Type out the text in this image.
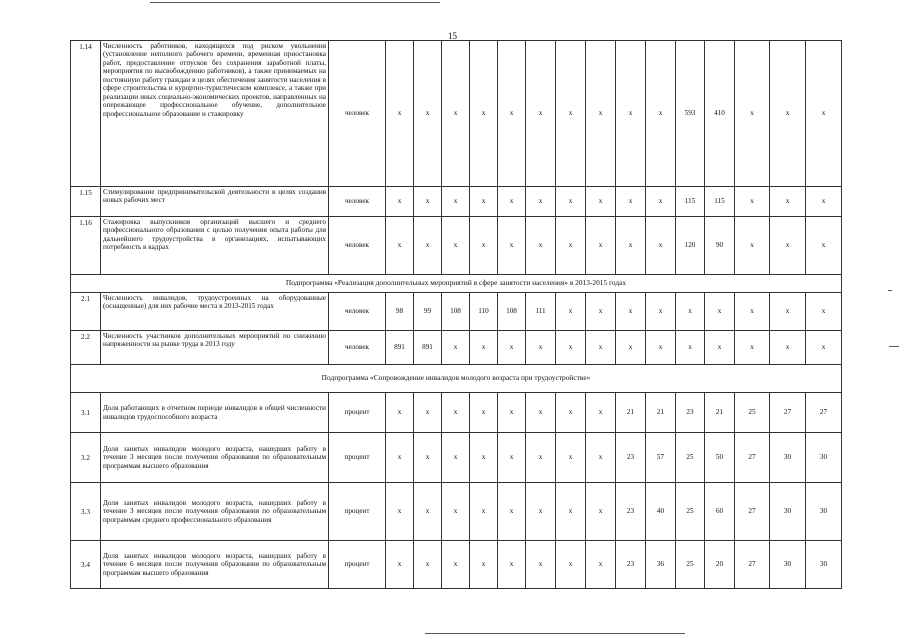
15
1.14	Численность работников, находящихся под риском увольнения (установление неполного рабочего времени, временная приостановка работ, предоставление отпусков без сохранения заработной платы, мероприятия по высвобождению работников), а также принимаемых на постоянную работу граждан в целях обеспечения занятости населения в сфере строительства и курортно-туристическом комплексе, а также при реализации иных социально-экономических проектов, направленных на опережающее профессиональное обучение, дополнительное профессиональное образование и стажировку	человек	x	x	x	x	x	x	x	x	x	x	593	410	x	x	x
1.15	Стимулирование предпринимательской деятельности в целях создания новых рабочих мест	человек	x	x	x	x	x	x	x	x	x	x	115	115	x	x	x
1.16	Стажировка выпускников организаций высшего и среднего профессионального образования с целью получения опыта работы для дальнейшего трудоустройства в организациях, испытывающих потребность в кадрах	человек	x	x	x	x	x	x	x	x	x	x	120	90	x	x	x
Подпрограмма «Реализация дополнительных мероприятий в сфере занятости населения» в 2013-2015 годах																	
2.1	Численность инвалидов, трудоустроенных на оборудованные (оснащенные) для них рабочие места в 2013-2015 годах	человек	98	99	108	110	108	111	x	x	x	x	x	x	x	x	x
2.2	Численность участников дополнительных мероприятий по снижению напряженности на рынке труда в 2013 году	человек	891	891	x	x	x	x	x	x	x	x	x	x	x	x	x
Подпрограмма «Сопровождение инвалидов молодого возраста при трудоустройстве»																	
3.1	Доля работающих в отчетном периоде инвалидов в общей численности инвалидов трудоспособного возраста	процент	x	x	x	x	x	x	x	x	21	21	23	21	25	27	27
3.2	Доля занятых инвалидов молодого возраста, нашедших работу в течение 3 месяцев после получения образования по образовательным программам высшего образования	процент	x	x	x	x	x	x	x	x	23	57	25	50	27	30	30
3.3	Доля занятых инвалидов молодого возраста, нашедших работу в течение 3 месяцев после получения образования по образовательным программам среднего профессионального образования	процент	x	x	x	x	x	x	x	x	23	40	25	60	27	30	30
3.4	Доля занятых инвалидов молодого возраста, нашедших работу в течение 6 месяцев после получения образования по образовательным программам высшего образования	процент	x	x	x	x	x	x	x	x	23	36	25	20	27	30	30
